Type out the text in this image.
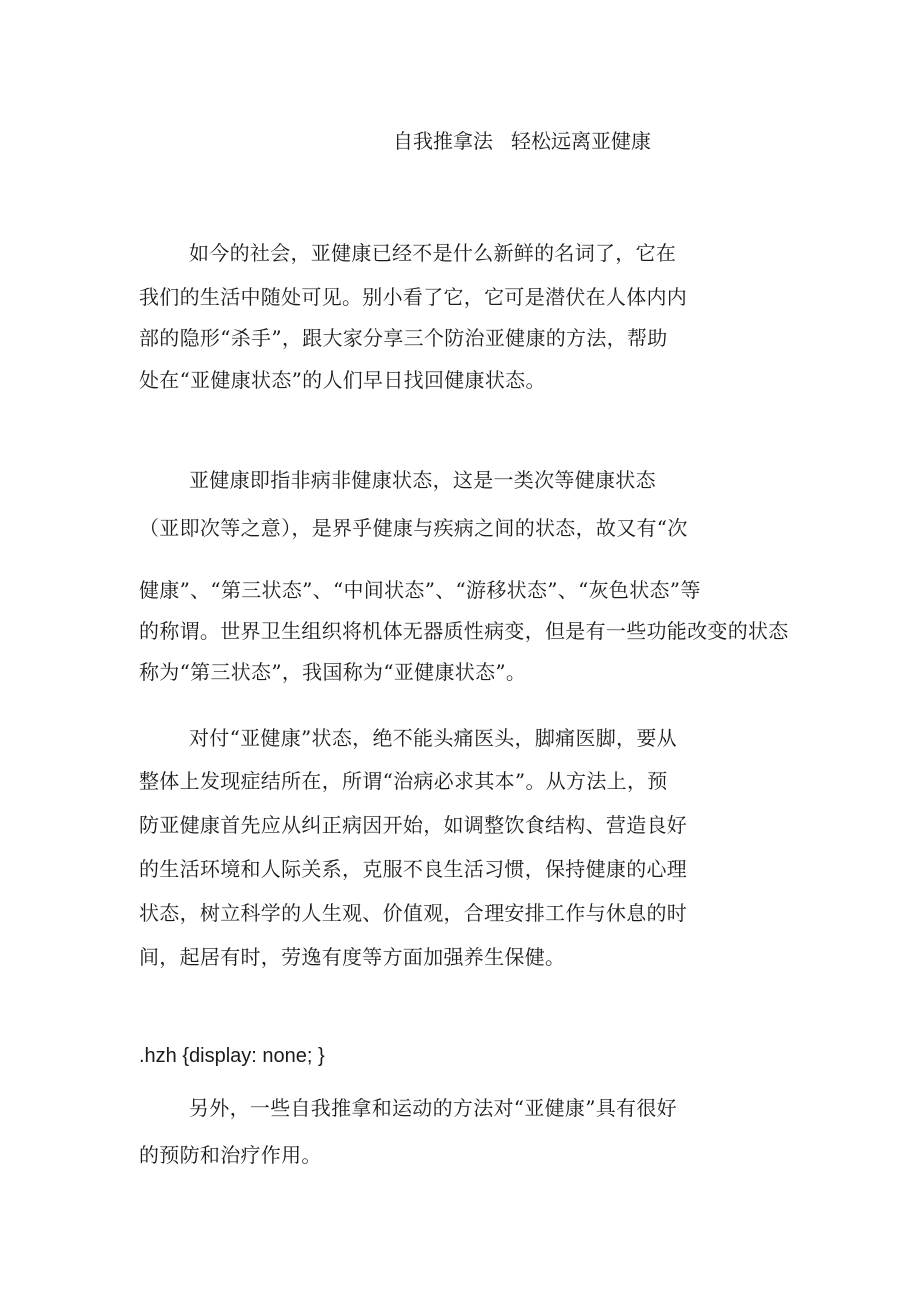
自我推拿法 轻松远离亚健康
如今的社会，亚健康已经不是什么新鲜的名词了，它在
我们的生活中随处可见。别小看了它，它可是潜伏在人体内内
部的隐形“杀手”，跟大家分享三个防治亚健康的方法，帮助
处在“亚健康状态”的人们早日找回健康状态。
亚健康即指非病非健康状态，这是一类次等健康状态
（亚即次等之意），是界乎健康与疾病之间的状态，故又有“次
健康”、“第三状态”、“中间状态”、“游移状态”、“灰色状态”等
的称谓。世界卫生组织将机体无器质性病变，但是有一些功能改变的状态
称为“第三状态”，我国称为“亚健康状态”。
对付“亚健康”状态，绝不能头痛医头，脚痛医脚，要从
整体上发现症结所在，所谓“治病必求其本”。从方法上，预
防亚健康首先应从纠正病因开始，如调整饮食结构、营造良好
的生活环境和人际关系，克服不良生活习惯，保持健康的心理
状态，树立科学的人生观、价值观，合理安排工作与休息的时
间，起居有时，劳逸有度等方面加强养生保健。
.hzh {display: none; }
另外，一些自我推拿和运动的方法对“亚健康”具有很好
的预防和治疗作用。
